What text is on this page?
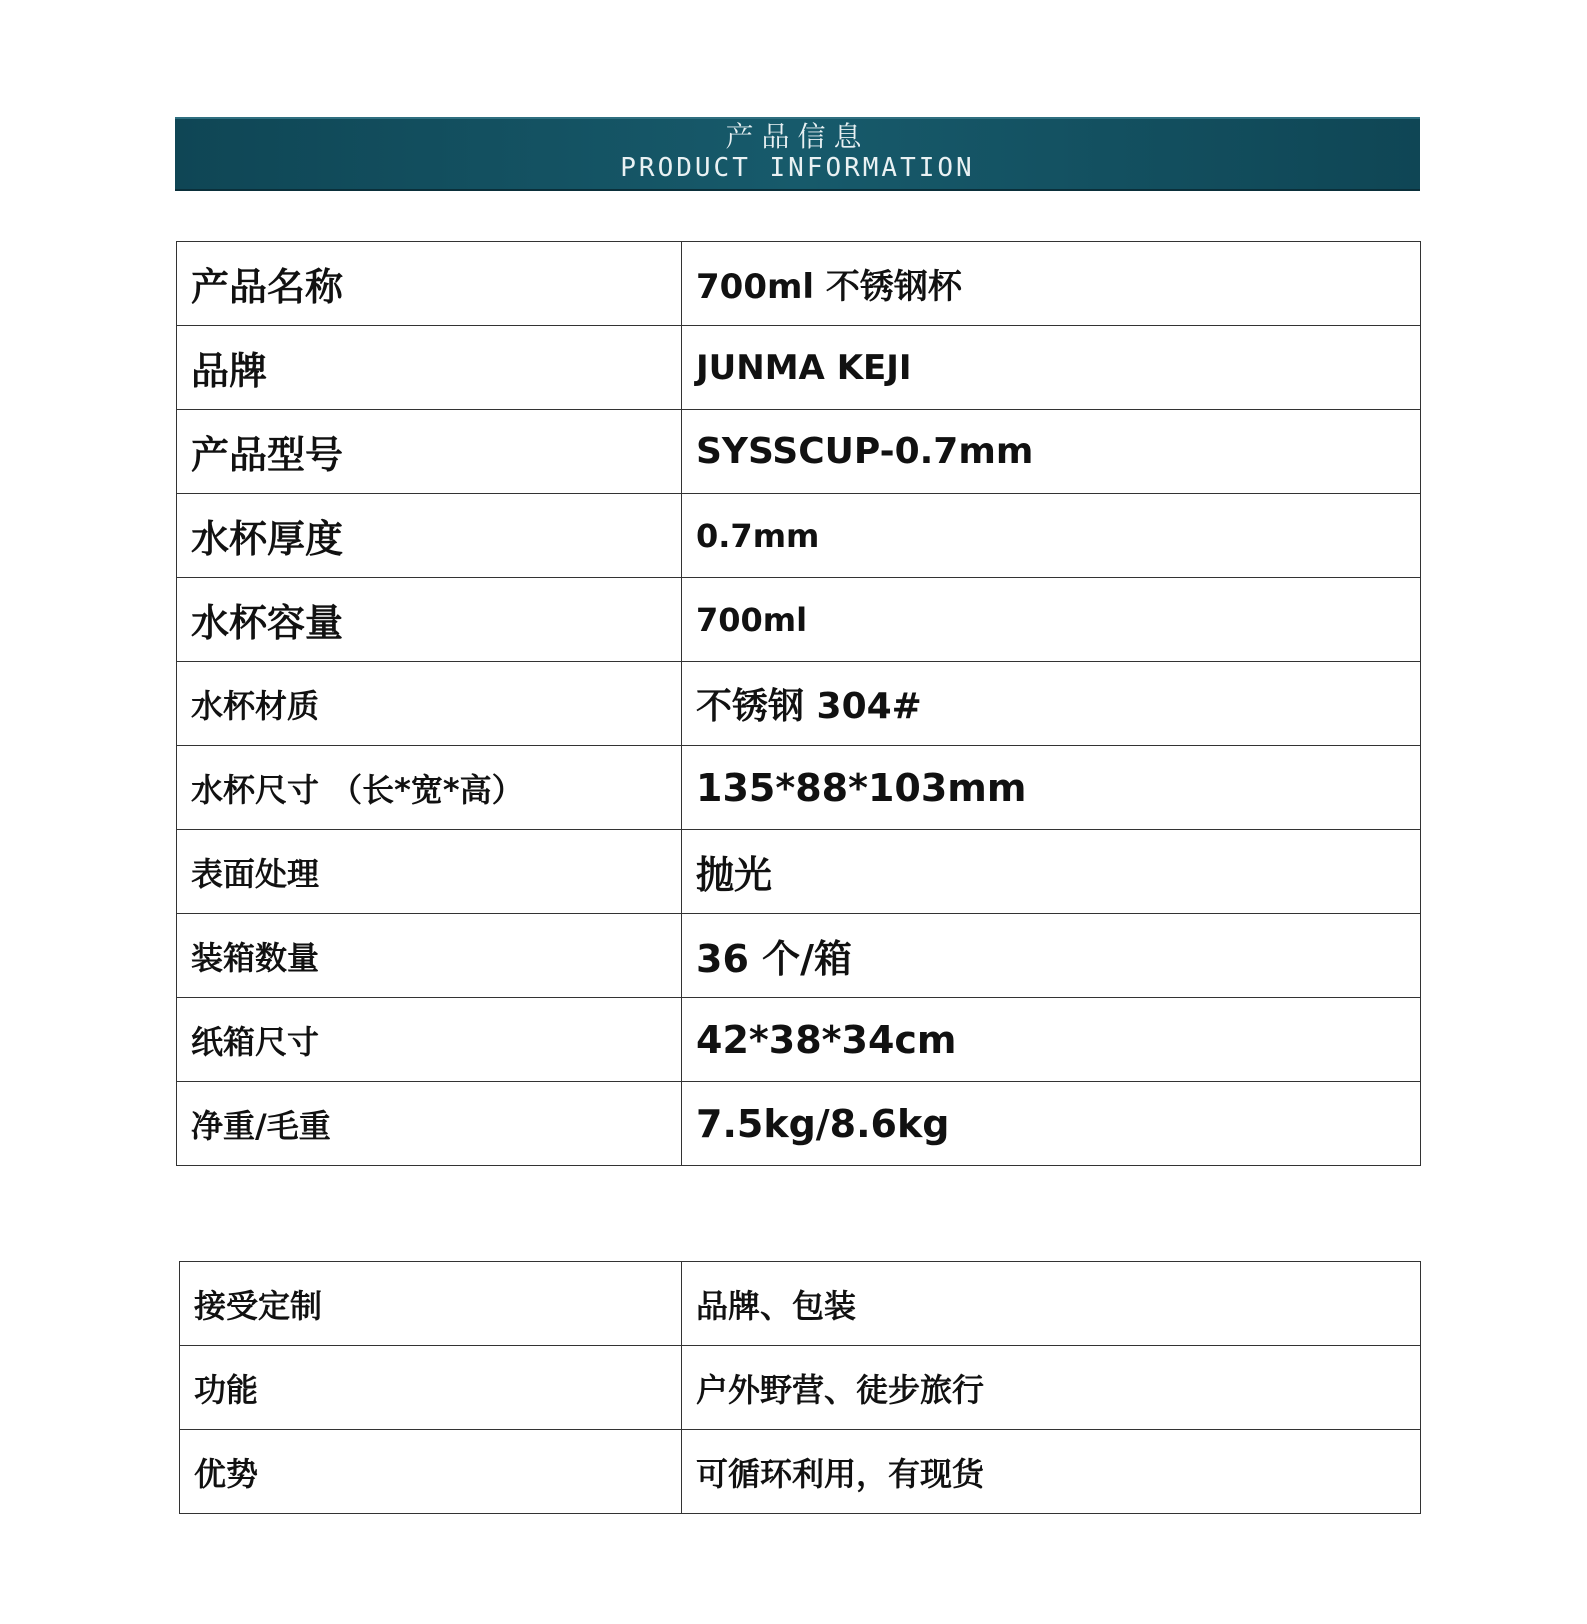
产品信息
PRODUCT INFORMATION
产品名称	700ml 不锈钢杯
品牌	JUNMA KEJI
产品型号	SYSSCUP-0.7mm
水杯厚度	0.7mm
水杯容量	700ml
水杯材质	不锈钢 304#
水杯尺寸 （长*宽*高）	135*88*103mm
表面处理	抛光
装箱数量	36 个/箱
纸箱尺寸	42*38*34cm
净重/毛重	7.5kg/8.6kg
接受定制	品牌、包装
功能	户外野营、徒步旅行
优势	可循环利用，有现货
